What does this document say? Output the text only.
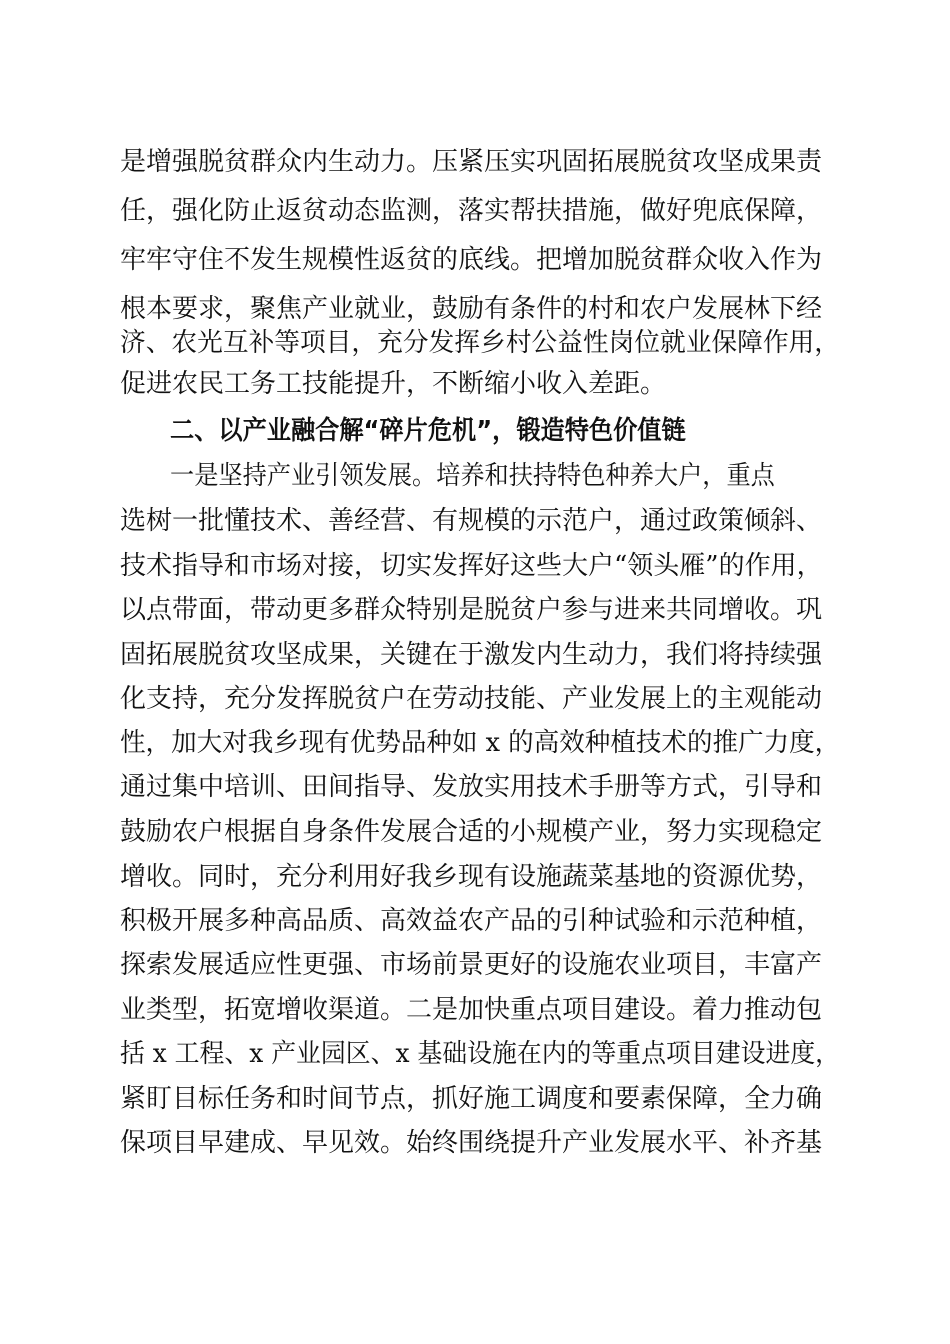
是增强脱贫群众内生动力。压紧压实巩固拓展脱贫攻坚成果责
任，强化防止返贫动态监测，落实帮扶措施，做好兜底保障，
牢牢守住不发生规模性返贫的底线。把增加脱贫群众收入作为
根本要求，聚焦产业就业，鼓励有条件的村和农户发展林下经
济、农光互补等项目，充分发挥乡村公益性岗位就业保障作用，
促进农民工务工技能提升，不断缩小收入差距。
二、以产业融合解“碎片危机”，锻造特色价值链
一是坚持产业引领发展。培养和扶持特色种养大户，重点
选树一批懂技术、善经营、有规模的示范户，通过政策倾斜、
技术指导和市场对接，切实发挥好这些大户“领头雁”的作用，
以点带面，带动更多群众特别是脱贫户参与进来共同增收。巩
固拓展脱贫攻坚成果，关键在于激发内生动力，我们将持续强
化支持，充分发挥脱贫户在劳动技能、产业发展上的主观能动
性，加大对我乡现有优势品种如 x 的高效种植技术的推广力度，
通过集中培训、田间指导、发放实用技术手册等方式，引导和
鼓励农户根据自身条件发展合适的小规模产业，努力实现稳定
增收。同时，充分利用好我乡现有设施蔬菜基地的资源优势，
积极开展多种高品质、高效益农产品的引种试验和示范种植，
探索发展适应性更强、市场前景更好的设施农业项目，丰富产
业类型，拓宽增收渠道。二是加快重点项目建设。着力推动包
括 x 工程、x 产业园区、x 基础设施在内的等重点项目建设进度，
紧盯目标任务和时间节点，抓好施工调度和要素保障，全力确
保项目早建成、早见效。始终围绕提升产业发展水平、补齐基
